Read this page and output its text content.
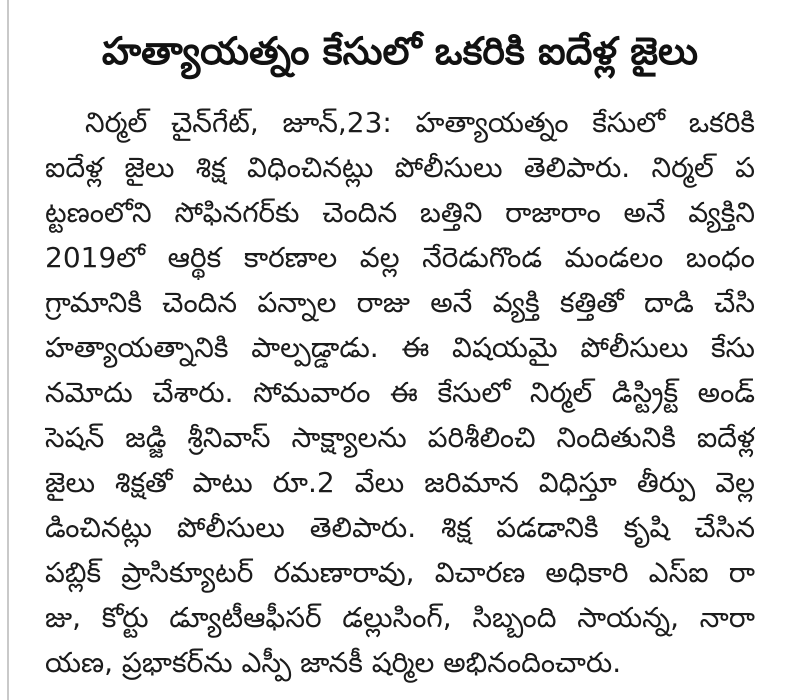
హత్యాయత్నం కేసులో ఒకరికి ఐదేళ్ల జైలు
నిర్మల్ చైన్‌గేట్, జూన్,23: హత్యాయత్నం కేసులో ఒకరికి
ఐదేళ్ల జైలు శిక్ష విధించినట్లు పోలీసులు తెలిపారు. నిర్మల్ ప
ట్టణంలోని సోఫినగర్‌కు చెందిన బత్తిని రాజారాం అనే వ్యక్తిని
2019లో ఆర్థిక కారణాల వల్ల నేరెడుగొండ మండలం బంధం
గ్రామానికి చెందిన పన్నాల రాజు అనే వ్యక్తి కత్తితో దాడి చేసి
హత్యాయత్నానికి పాల్పడ్డాడు. ఈ విషయమై పోలీసులు కేసు
నమోదు చేశారు. సోమవారం ఈ కేసులో నిర్మల్ డిస్ట్రిక్ట్ అండ్
సెషన్ జడ్జి శ్రీనివాస్ సాక్ష్యాలను పరిశీలించి నిందితునికి ఐదేళ్ల
జైలు శిక్షతో పాటు రూ.2 వేలు జరిమాన విధిస్తూ తీర్పు వెల్ల
డించినట్లు పోలీసులు తెలిపారు. శిక్ష పడడానికి కృషి చేసిన
పబ్లిక్ ప్రాసిక్యూటర్ రమణారావు, విచారణ అధికారి ఎస్ఐ రా
జు, కోర్టు డ్యూటీఆఫీసర్ డల్లుసింగ్, సిబ్బంది సాయన్న, నారా
యణ, ప్రభాకర్‌ను ఎస్పీ జానకీ షర్మిల అభినందించారు.
